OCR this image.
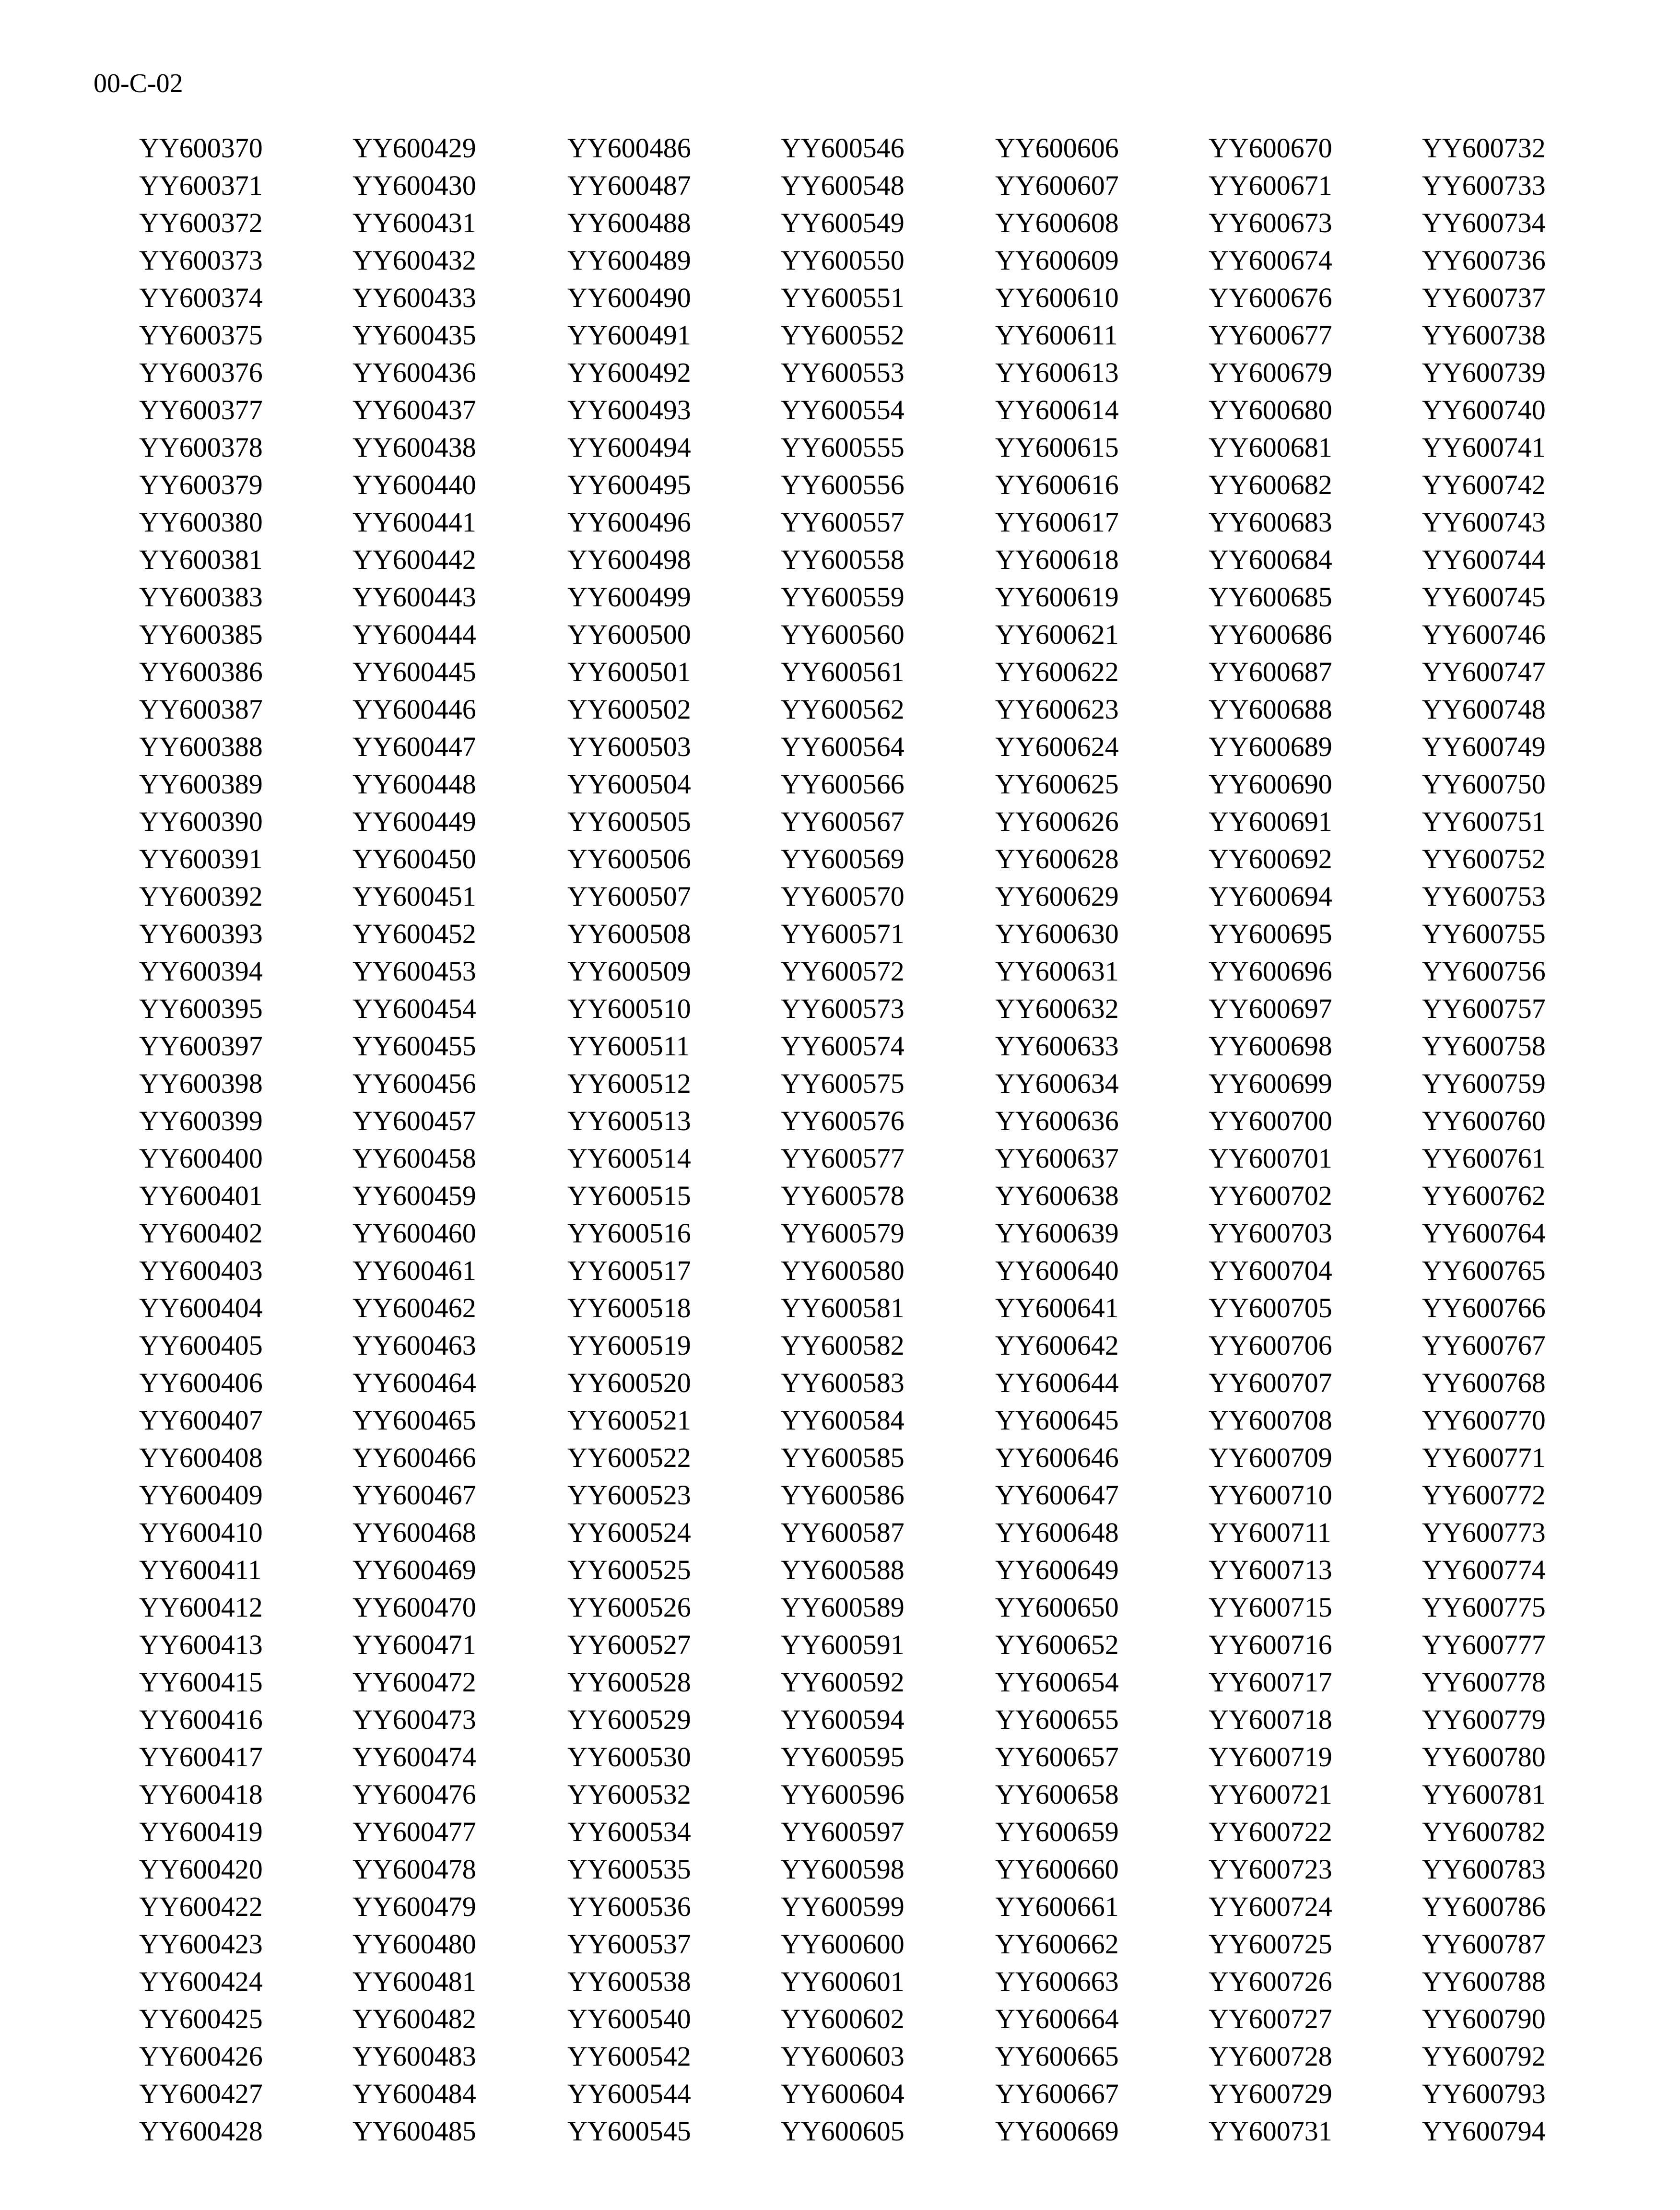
00-C-02
YY600370
YY600371
YY600372
YY600373
YY600374
YY600375
YY600376
YY600377
YY600378
YY600379
YY600380
YY600381
YY600383
YY600385
YY600386
YY600387
YY600388
YY600389
YY600390
YY600391
YY600392
YY600393
YY600394
YY600395
YY600397
YY600398
YY600399
YY600400
YY600401
YY600402
YY600403
YY600404
YY600405
YY600406
YY600407
YY600408
YY600409
YY600410
YY600411
YY600412
YY600413
YY600415
YY600416
YY600417
YY600418
YY600419
YY600420
YY600422
YY600423
YY600424
YY600425
YY600426
YY600427
YY600428
YY600429
YY600430
YY600431
YY600432
YY600433
YY600435
YY600436
YY600437
YY600438
YY600440
YY600441
YY600442
YY600443
YY600444
YY600445
YY600446
YY600447
YY600448
YY600449
YY600450
YY600451
YY600452
YY600453
YY600454
YY600455
YY600456
YY600457
YY600458
YY600459
YY600460
YY600461
YY600462
YY600463
YY600464
YY600465
YY600466
YY600467
YY600468
YY600469
YY600470
YY600471
YY600472
YY600473
YY600474
YY600476
YY600477
YY600478
YY600479
YY600480
YY600481
YY600482
YY600483
YY600484
YY600485
YY600486
YY600487
YY600488
YY600489
YY600490
YY600491
YY600492
YY600493
YY600494
YY600495
YY600496
YY600498
YY600499
YY600500
YY600501
YY600502
YY600503
YY600504
YY600505
YY600506
YY600507
YY600508
YY600509
YY600510
YY600511
YY600512
YY600513
YY600514
YY600515
YY600516
YY600517
YY600518
YY600519
YY600520
YY600521
YY600522
YY600523
YY600524
YY600525
YY600526
YY600527
YY600528
YY600529
YY600530
YY600532
YY600534
YY600535
YY600536
YY600537
YY600538
YY600540
YY600542
YY600544
YY600545
YY600546
YY600548
YY600549
YY600550
YY600551
YY600552
YY600553
YY600554
YY600555
YY600556
YY600557
YY600558
YY600559
YY600560
YY600561
YY600562
YY600564
YY600566
YY600567
YY600569
YY600570
YY600571
YY600572
YY600573
YY600574
YY600575
YY600576
YY600577
YY600578
YY600579
YY600580
YY600581
YY600582
YY600583
YY600584
YY600585
YY600586
YY600587
YY600588
YY600589
YY600591
YY600592
YY600594
YY600595
YY600596
YY600597
YY600598
YY600599
YY600600
YY600601
YY600602
YY600603
YY600604
YY600605
YY600606
YY600607
YY600608
YY600609
YY600610
YY600611
YY600613
YY600614
YY600615
YY600616
YY600617
YY600618
YY600619
YY600621
YY600622
YY600623
YY600624
YY600625
YY600626
YY600628
YY600629
YY600630
YY600631
YY600632
YY600633
YY600634
YY600636
YY600637
YY600638
YY600639
YY600640
YY600641
YY600642
YY600644
YY600645
YY600646
YY600647
YY600648
YY600649
YY600650
YY600652
YY600654
YY600655
YY600657
YY600658
YY600659
YY600660
YY600661
YY600662
YY600663
YY600664
YY600665
YY600667
YY600669
YY600670
YY600671
YY600673
YY600674
YY600676
YY600677
YY600679
YY600680
YY600681
YY600682
YY600683
YY600684
YY600685
YY600686
YY600687
YY600688
YY600689
YY600690
YY600691
YY600692
YY600694
YY600695
YY600696
YY600697
YY600698
YY600699
YY600700
YY600701
YY600702
YY600703
YY600704
YY600705
YY600706
YY600707
YY600708
YY600709
YY600710
YY600711
YY600713
YY600715
YY600716
YY600717
YY600718
YY600719
YY600721
YY600722
YY600723
YY600724
YY600725
YY600726
YY600727
YY600728
YY600729
YY600731
YY600732
YY600733
YY600734
YY600736
YY600737
YY600738
YY600739
YY600740
YY600741
YY600742
YY600743
YY600744
YY600745
YY600746
YY600747
YY600748
YY600749
YY600750
YY600751
YY600752
YY600753
YY600755
YY600756
YY600757
YY600758
YY600759
YY600760
YY600761
YY600762
YY600764
YY600765
YY600766
YY600767
YY600768
YY600770
YY600771
YY600772
YY600773
YY600774
YY600775
YY600777
YY600778
YY600779
YY600780
YY600781
YY600782
YY600783
YY600786
YY600787
YY600788
YY600790
YY600792
YY600793
YY600794
